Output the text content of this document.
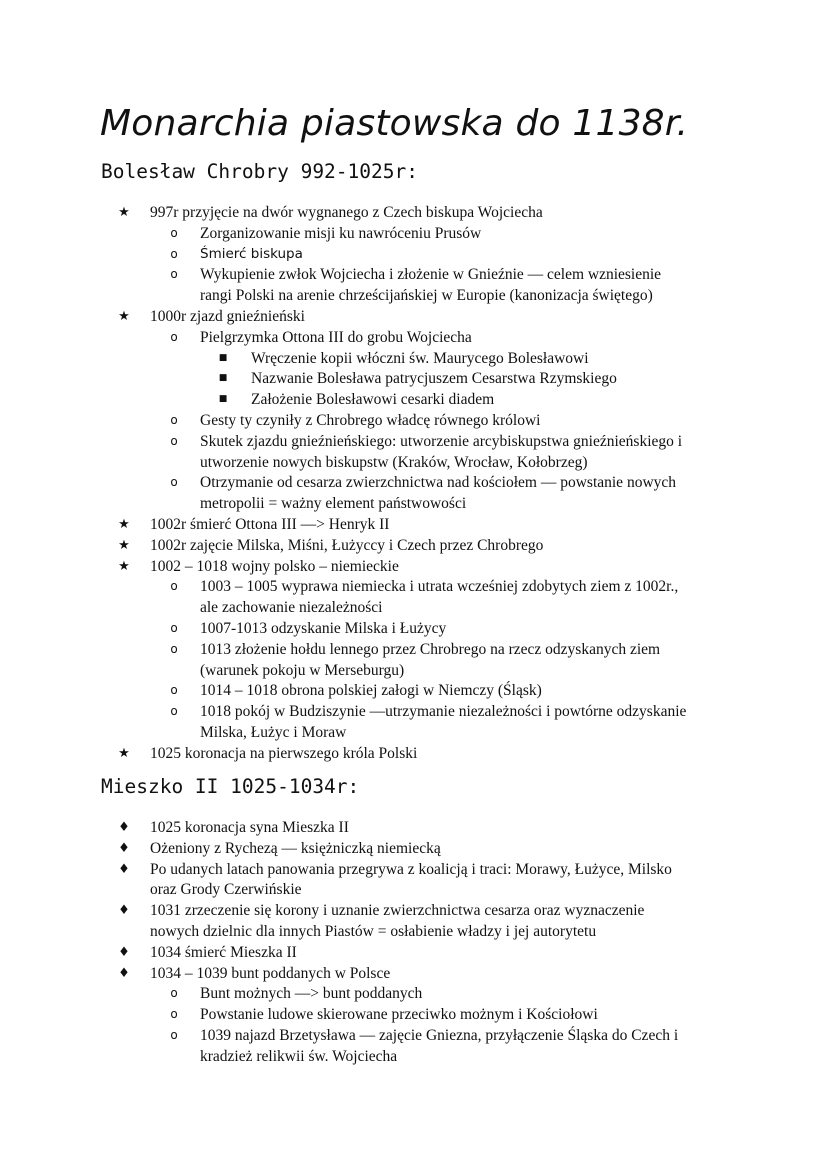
Monarchia piastowska do 1138r.
Bolesław Chrobry 992-1025r:
★ 997r przyjęcie na dwór wygnanego z Czech biskupa Wojciecha
o Zorganizowanie misji ku nawróceniu Prusów
o Śmierć biskupa
o Wykupienie zwłok Wojciecha i złożenie w Gnieźnie — celem wzniesienie
rangi Polski na arenie chrześcijańskiej w Europie (kanonizacja świętego)
★ 1000r zjazd gnieźnieński
o Pielgrzymka Ottona III do grobu Wojciecha
■ Wręczenie kopii włóczni św. Maurycego Bolesławowi
■ Nazwanie Bolesława patrycjuszem Cesarstwa Rzymskiego
■ Założenie Bolesławowi cesarki diadem
o Gesty ty czyniły z Chrobrego władcę równego królowi
o Skutek zjazdu gnieźnieńskiego: utworzenie arcybiskupstwa gnieźnieńskiego i
utworzenie nowych biskupstw (Kraków, Wrocław, Kołobrzeg)
o Otrzymanie od cesarza zwierzchnictwa nad kościołem — powstanie nowych
metropolii = ważny element państwowości
★ 1002r śmierć Ottona III —> Henryk II
★ 1002r zajęcie Milska, Miśni, Łużyccy i Czech przez Chrobrego
★ 1002 – 1018 wojny polsko – niemieckie
o 1003 – 1005 wyprawa niemiecka i utrata wcześniej zdobytych ziem z 1002r.,
ale zachowanie niezależności
o 1007-1013 odzyskanie Milska i Łużycy
o 1013 złożenie hołdu lennego przez Chrobrego na rzecz odzyskanych ziem
(warunek pokoju w Merseburgu)
o 1014 – 1018 obrona polskiej załogi w Niemczy (Śląsk)
o 1018 pokój w Budziszynie —utrzymanie niezależności i powtórne odzyskanie
Milska, Łużyc i Moraw
★ 1025 koronacja na pierwszego króla Polski
Mieszko II 1025-1034r:
♦ 1025 koronacja syna Mieszka II
♦ Ożeniony z Rychezą — księżniczką niemiecką
♦ Po udanych latach panowania przegrywa z koalicją i traci: Morawy, Łużyce, Milsko
oraz Grody Czerwińskie
♦ 1031 zrzeczenie się korony i uznanie zwierzchnictwa cesarza oraz wyznaczenie
nowych dzielnic dla innych Piastów = osłabienie władzy i jej autorytetu
♦ 1034 śmierć Mieszka II
♦ 1034 – 1039 bunt poddanych w Polsce
o Bunt możnych —> bunt poddanych
o Powstanie ludowe skierowane przeciwko możnym i Kościołowi
o 1039 najazd Brzetysława — zajęcie Gniezna, przyłączenie Śląska do Czech i
kradzież relikwii św. Wojciecha
